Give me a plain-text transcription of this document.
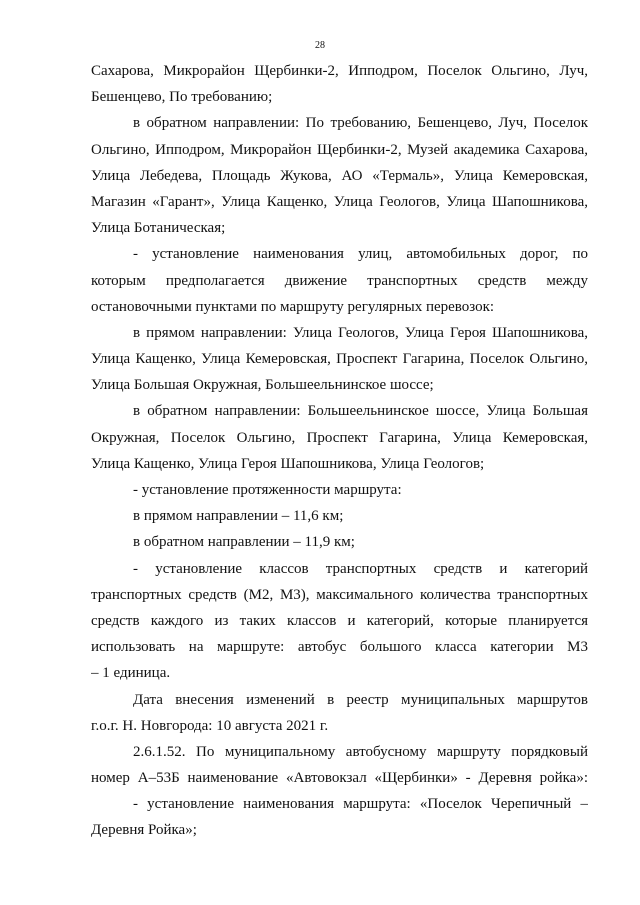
28
Сахарова, Микрорайон Щербинки-2, Ипподром, Поселок Ольгино, Луч,
Бешенцево, По требованию;
в обратном направлении: По требованию, Бешенцево, Луч, Поселок
Ольгино, Ипподром, Микрорайон Щербинки-2, Музей академика Сахарова,
Улица Лебедева, Площадь Жукова, АО «Термаль», Улица Кемеровская,
Магазин «Гарант», Улица Кащенко, Улица Геологов, Улица Шапошникова,
Улица Ботаническая;
- установление наименования улиц, автомобильных дорог, по
которым предполагается движение транспортных средств между
остановочными пунктами по маршруту регулярных перевозок:
в прямом направлении: Улица Геологов, Улица Героя Шапошникова,
Улица Кащенко, Улица Кемеровская, Проспект Гагарина, Поселок Ольгино,
Улица Большая Окружная, Большеельнинское шоссе;
в обратном направлении: Большеельнинское шоссе, Улица Большая
Окружная, Поселок Ольгино, Проспект Гагарина, Улица Кемеровская,
Улица Кащенко, Улица Героя Шапошникова, Улица Геологов;
- установление протяженности маршрута:
в прямом направлении – 11,6 км;
в обратном направлении – 11,9 км;
- установление классов транспортных средств и категорий
транспортных средств (М2, М3), максимального количества транспортных
средств каждого из таких классов и категорий, которые планируется
использовать на маршруте: автобус большого класса категории М3
– 1 единица.
Дата внесения изменений в реестр муниципальных маршрутов
г.о.г. Н. Новгорода: 10 августа 2021 г.
2.6.1.52. По муниципальному автобусному маршруту порядковый
номер А–53Б наименование «Автовокзал «Щербинки» - Деревня ройка»:
- установление наименования маршрута: «Поселок Черепичный –
Деревня Ройка»;
